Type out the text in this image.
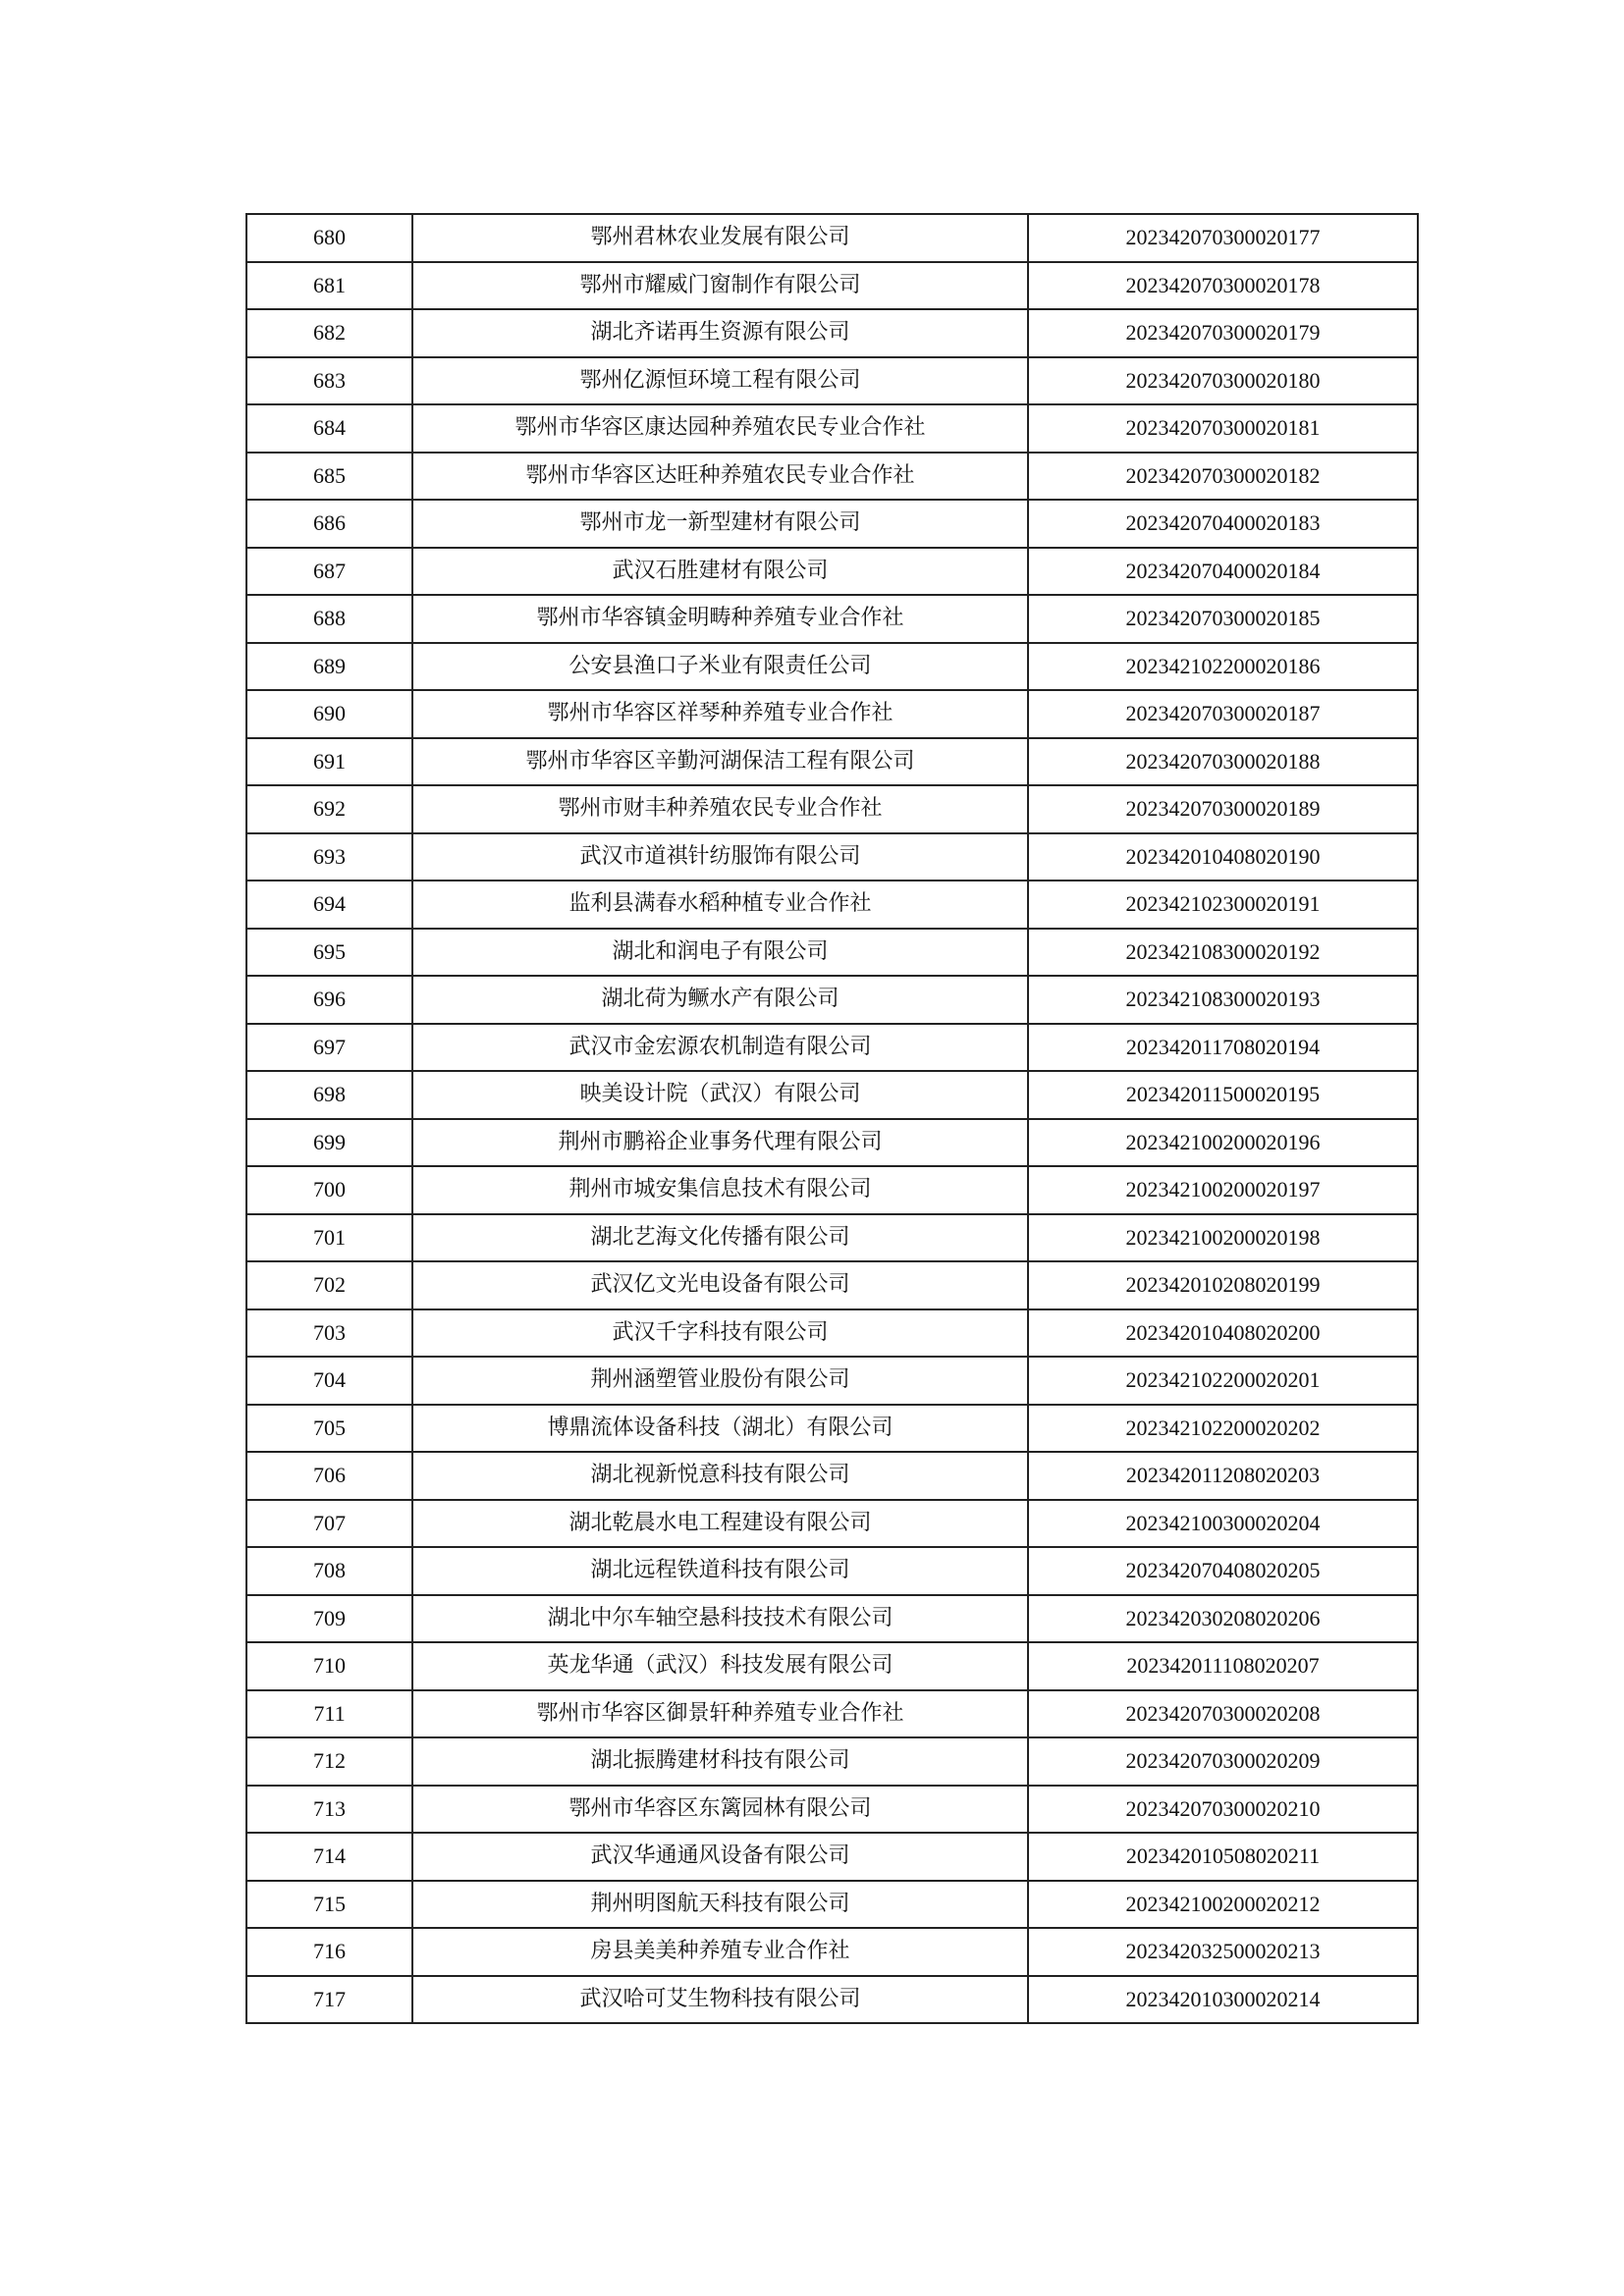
680	鄂州君林农业发展有限公司	202342070300020177
681	鄂州市耀威门窗制作有限公司	202342070300020178
682	湖北齐诺再生资源有限公司	202342070300020179
683	鄂州亿源恒环境工程有限公司	202342070300020180
684	鄂州市华容区康达园种养殖农民专业合作社	202342070300020181
685	鄂州市华容区达旺种养殖农民专业合作社	202342070300020182
686	鄂州市龙一新型建材有限公司	202342070400020183
687	武汉石胜建材有限公司	202342070400020184
688	鄂州市华容镇金明畴种养殖专业合作社	202342070300020185
689	公安县渔口子米业有限责任公司	202342102200020186
690	鄂州市华容区祥琴种养殖专业合作社	202342070300020187
691	鄂州市华容区辛勤河湖保洁工程有限公司	202342070300020188
692	鄂州市财丰种养殖农民专业合作社	202342070300020189
693	武汉市道祺针纺服饰有限公司	202342010408020190
694	监利县满春水稻种植专业合作社	202342102300020191
695	湖北和润电子有限公司	202342108300020192
696	湖北荷为鳜水产有限公司	202342108300020193
697	武汉市金宏源农机制造有限公司	202342011708020194
698	映美设计院（武汉）有限公司	202342011500020195
699	荆州市鹏裕企业事务代理有限公司	202342100200020196
700	荆州市城安集信息技术有限公司	202342100200020197
701	湖北艺海文化传播有限公司	202342100200020198
702	武汉亿文光电设备有限公司	202342010208020199
703	武汉千字科技有限公司	202342010408020200
704	荆州涵塑管业股份有限公司	202342102200020201
705	博鼎流体设备科技（湖北）有限公司	202342102200020202
706	湖北视新悦意科技有限公司	202342011208020203
707	湖北乾晨水电工程建设有限公司	202342100300020204
708	湖北远程铁道科技有限公司	202342070408020205
709	湖北中尔车轴空悬科技技术有限公司	202342030208020206
710	英龙华通（武汉）科技发展有限公司	202342011108020207
711	鄂州市华容区御景轩种养殖专业合作社	202342070300020208
712	湖北振腾建材科技有限公司	202342070300020209
713	鄂州市华容区东篱园林有限公司	202342070300020210
714	武汉华通通风设备有限公司	202342010508020211
715	荆州明图航天科技有限公司	202342100200020212
716	房县美美种养殖专业合作社	202342032500020213
717	武汉哈可艾生物科技有限公司	202342010300020214
